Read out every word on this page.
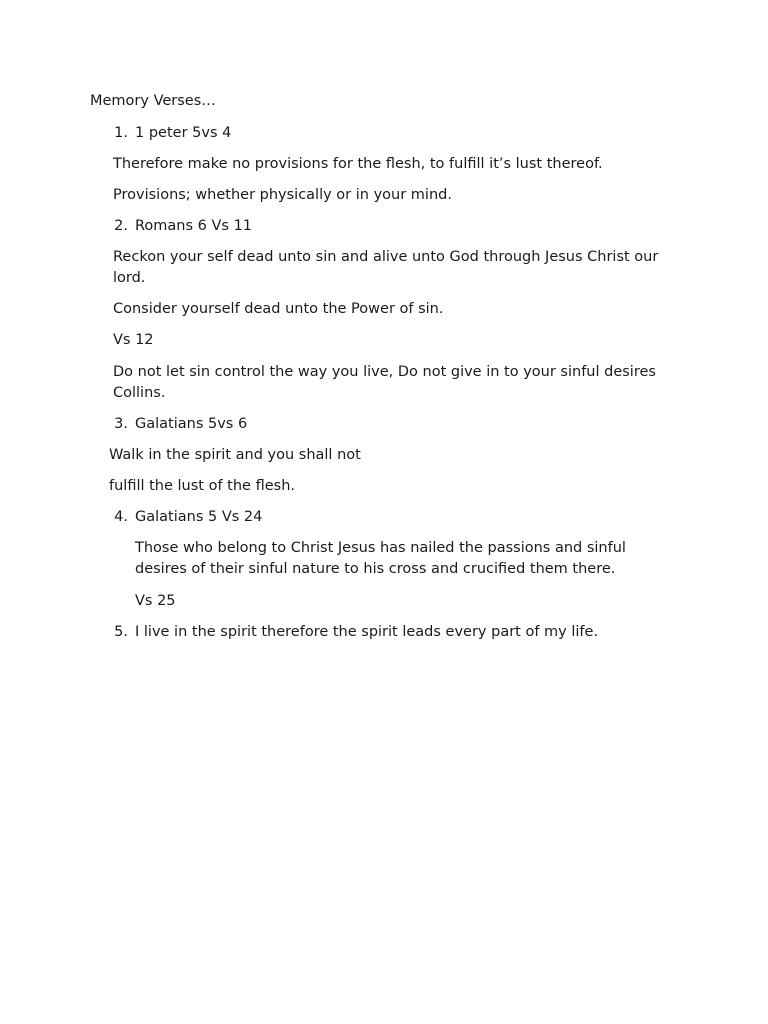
Memory Verses…
1. 1 peter 5vs 4
Therefore make no provisions for the flesh, to fulfill it’s lust thereof.
Provisions; whether physically or in your mind.
2. Romans 6 Vs 11
Reckon your self dead unto sin and alive unto God through Jesus Christ our lord.
Consider yourself dead unto the Power of sin.
Vs 12
Do not let sin control the way you live, Do not give in to your sinful desires Collins.
3. Galatians 5vs 6
Walk in the spirit and you shall not
fulfill the lust of the flesh.
4. Galatians 5 Vs 24
Those who belong to Christ Jesus has nailed the passions and sinful desires of their sinful nature to his cross and crucified them there.
Vs 25
5. I live in the spirit therefore the spirit leads every part of my life.
